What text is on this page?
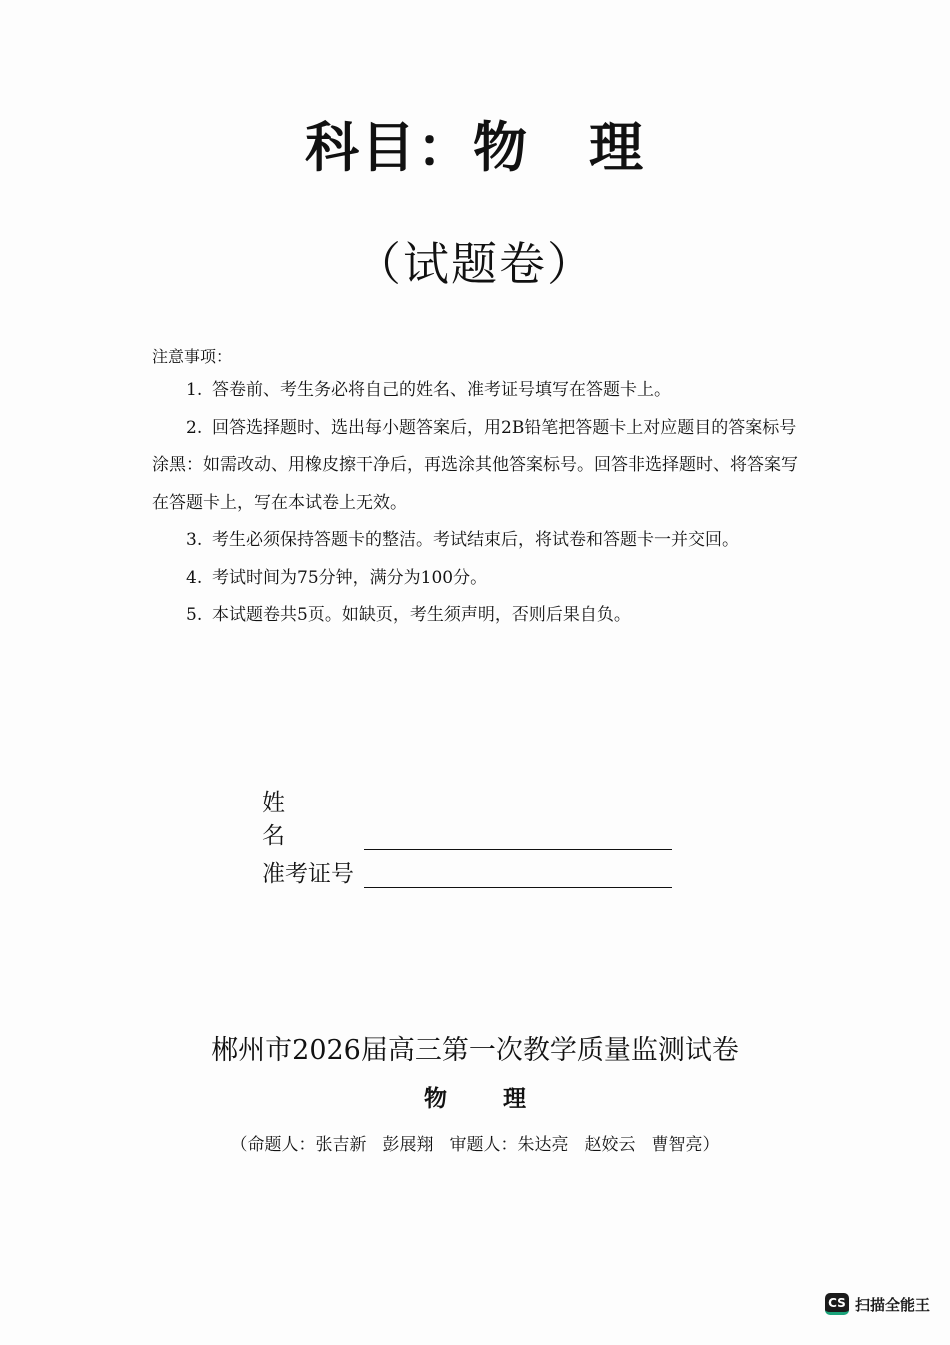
科目：物 理
（试题卷）
注意事项：

1. 答卷前、考生务必将自己的姓名、准考证号填写在答题卡上。

2. 回答选择题时、选出每小题答案后，用2B铅笔把答题卡上对应题目的答案标号涂黑：如需改动、用橡皮擦干净后，再选涂其他答案标号。回答非选择题时、将答案写在答题卡上，写在本试卷上无效。

3. 考生必须保持答题卡的整洁。考试结束后，将试卷和答题卡一并交回。

4. 考试时间为75分钟，满分为100分。

5. 本试题卷共5页。如缺页，考生须声明，否则后果自负。

姓名
准考证号
郴州市2026届高三第一次教学质量监测试卷
物 理
（命题人：张吉新 彭展翔 审题人：朱达亮 赵姣云 曹智亮）
CS 扫描全能王
